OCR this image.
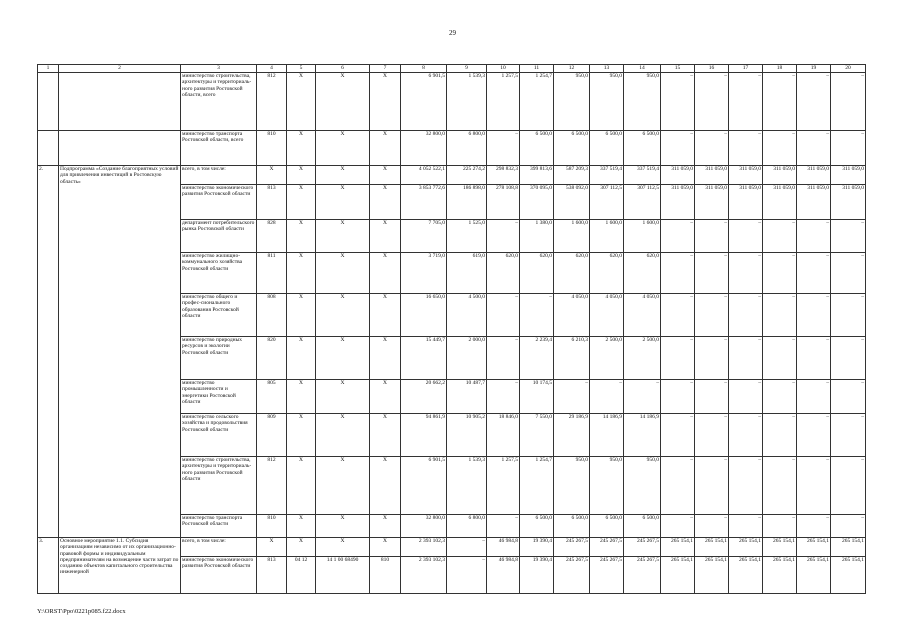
29
1	2	3	4	5	6	7	8	9	10	11	12	13	14	15	16	17	18	19	20
		министерство строительства, архитектуры и территориаль-ного развития Ростовской области, всего	812	X	X	X	6 901,5	1 539,3	1 257,5	1 254,7	950,0	950,0	950,0	–	–	–	–	–	–
		министерство транспорта Ростовской области, всего	810	X	X	X	32 800,0	6 800,0	–	6 500,0	6 500,0	6 500,0	6 500,0	–	–	–	–	–	–
2.	Подпрограмма «Создание благоприятных условий для привлечения инвестиций в Ростовскую область»	всего, в том числе:	X	X	X	X	4 052 522,1	225 274,2	298 832,3	399 813,6	587 209,3	337 519,4	337 519,4	311 059,0	311 059,0	311 059,0	311 059,0	311 059,0	311 059,0
		министерство экономического развития Ростовской области	813	X	X	X	3 853 772,6	186 898,0	278 108,8	370 095,0	538 092,0	307 112,5	307 112,5	311 059,0	311 059,0	311 059,0	311 059,0	311 059,0	311 059,0
		департамент потребительского рынка Ростовской области	828	X	X	X	7 705,0	1 525,0	–	1 380,0	1 600,0	1 600,0	1 600,0	–	–	–	–	–	–
		министерство жилищно-коммунального хозяйства Ростовской области	811	X	X	X	3 719,0	619,0	620,0	620,0	620,0	620,0	620,0	–	–	–	–	–	–
		министерство общего и профес-сионального образования Ростовской области	808	X	X	X	16 650,0	4 500,0	–	–	4 050,0	4 050,0	4 050,0	–	–	–	–	–	–
		министерство природных ресурсов и экологии Ростовской области	820	X	X	X	15 449,7	2 000,0	–	2 239,4	6 210,3	2 500,0	2 500,0	–	–	–	–	–	–
		министерство промышленности и энергетики Ростовской области	805	X	X	X	20 662,2	10 487,7	–	10 174,5	–	–	–	–	–	–	–	–	–
		министерство сельского хозяйства и продовольствия Ростовской области	809	X	X	X	94 861,9	10 905,2	18 846,0	7 550,0	29 186,9	14 186,9	14 186,9	–	–	–	–	–	–
		министерство строительства, архитектуры и территориаль-ного развития Ростовской области	812	X	X	X	6 901,5	1 539,3	1 257,5	1 254,7	950,0	950,0	950,0	–	–	–	–	–	–
		министерство транспорта Ростовской области	810	X	X	X	32 800,0	6 800,0	–	6 500,0	6 500,0	6 500,0	6 500,0	–	–	–	–	–	–
3.	Основное мероприятие 1.1. Субсидия организациям независимо от их организационно-правовой формы и индивидуальным предпринимателям на возмещение части затрат по созданию объектов капитального строительства инженерной	всего, в том числе:	X	X	X	X	2 393 102,3	–	46 984,8	19 390,4	245 267,5	245 267,5	245 267,5	265 154,1	265 154,1	265 154,1	265 154,1	265 154,1	265 154,1
		министерство экономического развития Ростовской области	813	04 12	14 1 00 68490	810	2 393 102,3	–	46 984,8	19 390,4	245 267,5	245 267,5	245 267,5	265 154,1	265 154,1	265 154,1	265 154,1	265 154,1	265 154,1
Y:\ORST\Ppo\0221p085.f22.docx
